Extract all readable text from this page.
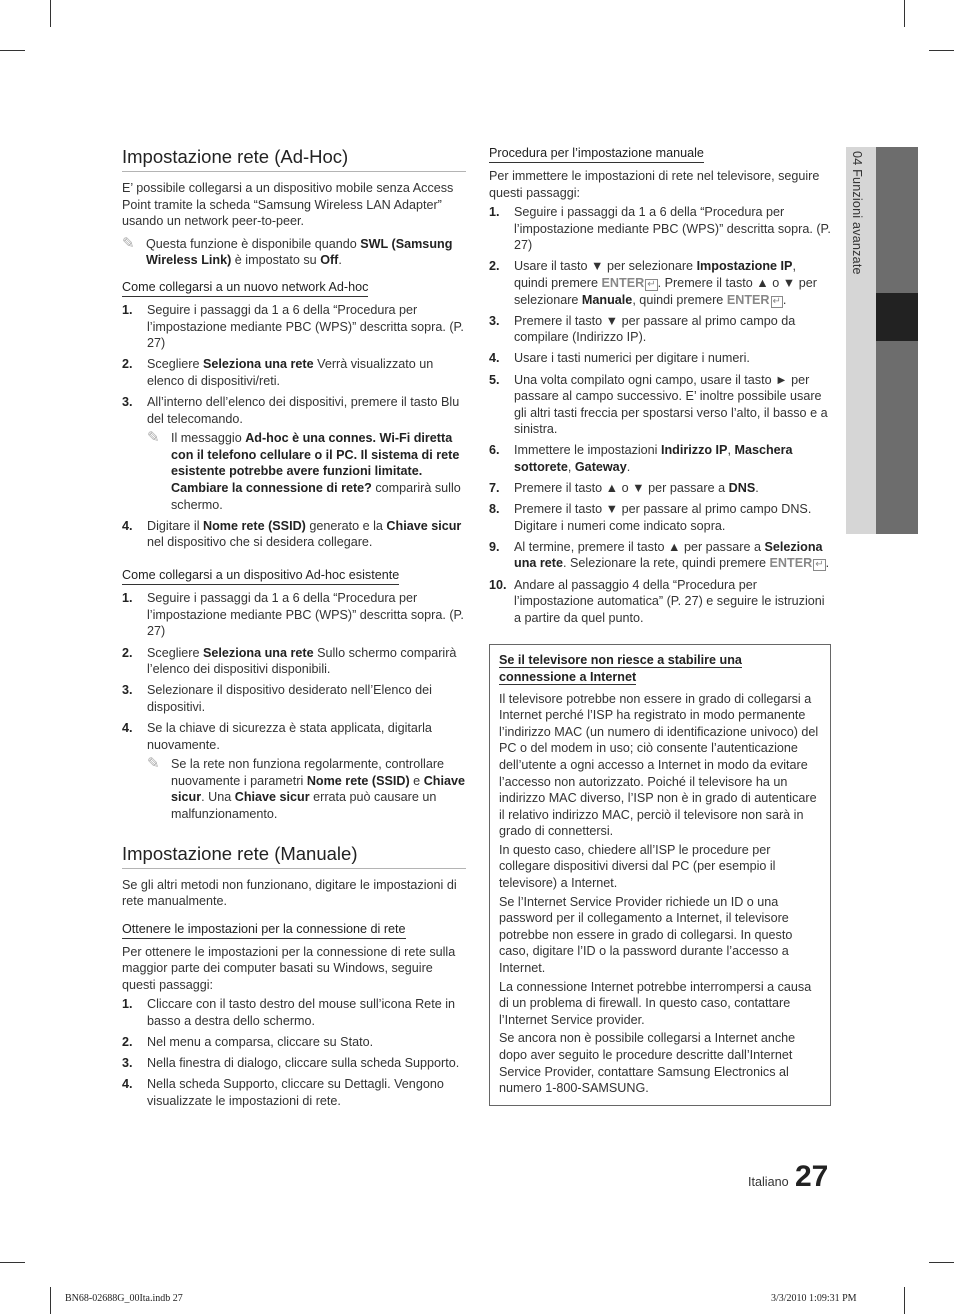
Impostazione rete (Ad-Hoc)

E’ possibile collegarsi a un dispositivo mobile senza Access Point tramite la scheda “Samsung Wireless LAN Adapter” usando un network peer-to-peer.

✎ Questa funzione è disponibile quando SWL (Samsung Wireless Link) è impostato su Off.
Come collegarsi a un nuovo network Ad-hoc
1.	Seguire i passaggi da 1 a 6 della “Procedura per l’impostazione mediante PBC (WPS)” descritta sopra. (P. 27)
2.	Scegliere Seleziona una rete Verrà visualizzato un elenco di dispositivi/reti.
3.	All’interno dell’elenco dei dispositivi, premere il tasto Blu del telecomando.
✎ Il messaggio Ad-hoc è una connes. Wi-Fi diretta con il telefono cellulare o il PC. Il sistema di rete esistente potrebbe avere funzioni limitate. Cambiare la connessione di rete? comparirà sullo schermo.
4.	Digitare il Nome rete (SSID) generato e la Chiave sicur nel dispositivo che si desidera collegare.
Come collegarsi a un dispositivo Ad-hoc esistente
1.	Seguire i passaggi da 1 a 6 della “Procedura per l’impostazione mediante PBC (WPS)” descritta sopra. (P. 27)
2.	Scegliere Seleziona una rete Sullo schermo comparirà l’elenco dei dispositivi disponibili.
3.	Selezionare il dispositivo desiderato nell’Elenco dei dispositivi.
4.	Se la chiave di sicurezza è stata applicata, digitarla nuovamente.
✎ Se la rete non funziona regolarmente, controllare nuovamente i parametri Nome rete (SSID) e Chiave sicur. Una Chiave sicur errata può causare un malfunzionamento.
Impostazione rete (Manuale)

Se gli altri metodi non funzionano, digitare le impostazioni di rete manualmente.

Ottenere le impostazioni per la connessione di rete

Per ottenere le impostazioni per la connessione di rete sulla maggior parte dei computer basati su Windows, seguire questi passaggi:

1.	Cliccare con il tasto destro del mouse sull’icona Rete in basso a destra dello schermo.
2.	Nel menu a comparsa, cliccare su Stato.
3.	Nella finestra di dialogo, cliccare sulla scheda Supporto.
4.	Nella scheda Supporto, cliccare su Dettagli. Vengono visualizzate le impostazioni di rete.
Procedura per l’impostazione manuale

Per immettere le impostazioni di rete nel televisore, seguire questi passaggi:

1.	Seguire i passaggi da 1 a 6 della “Procedura per l’impostazione mediante PBC (WPS)” descritta sopra. (P. 27)
2.	Usare il tasto ▼ per selezionare Impostazione IP, quindi premere ENTER ↵ . Premere il tasto ▲ o ▼ per selezionare Manuale, quindi premere ENTER ↵ .
3.	Premere il tasto ▼ per passare al primo campo da compilare (Indirizzo IP).
4.	Usare i tasti numerici per digitare i numeri.
5.	Una volta compilato ogni campo, usare il tasto ► per passare al campo successivo. E’ inoltre possibile usare gli altri tasti freccia per spostarsi verso l’alto, il basso e a sinistra.
6.	Immettere le impostazioni Indirizzo IP, Maschera sottorete, Gateway.
7.	Premere il tasto ▲ o ▼ per passare a DNS.
8.	Premere il tasto ▼ per passare al primo campo DNS. Digitare i numeri come indicato sopra.
9.	Al termine, premere il tasto ▲ per passare a Seleziona una rete. Selezionare la rete, quindi premere ENTER ↵ .
10. Andare al passaggio 4 della “Procedura per l’impostazione automatica” (P. 27) e seguire le istruzioni a partire da quel punto.

Se il televisore non riesce a stabilire una connessione a Internet

Il televisore potrebbe non essere in grado di collegarsi a Internet perché l’ISP ha registrato in modo permanente l’indirizzo MAC (un numero di identificazione univoco) del PC o del modem in uso; ciò consente l’autenticazione dell’utente a ogni accesso a Internet in modo da evitare l’accesso non autorizzato. Poiché il televisore ha un indirizzo MAC diverso, l’ISP non è in grado di autenticare il relativo indirizzo MAC, perciò il televisore non sarà in grado di connettersi.

In questo caso, chiedere all’ISP le procedure per collegare dispositivi diversi dal PC (per esempio il televisore) a Internet.

Se l’Internet Service Provider richiede un ID o una password per il collegamento a Internet, il televisore potrebbe non essere in grado di collegarsi. In questo caso, digitare l’ID o la password durante l’accesso a Internet.

La connessione Internet potrebbe interrompersi a causa di un problema di firewall. In questo caso, contattare l’Internet Service provider.

Se ancora non è possibile collegarsi a Internet anche dopo aver seguito le procedure descritte dall’Internet Service Provider, contattare Samsung Electronics al numero 1-800-SAMSUNG.

04 Funzioni avanzate
Italiano 27
BN68-02688G_00Ita.indb 27	3/3/2010 1:09:31 PM
